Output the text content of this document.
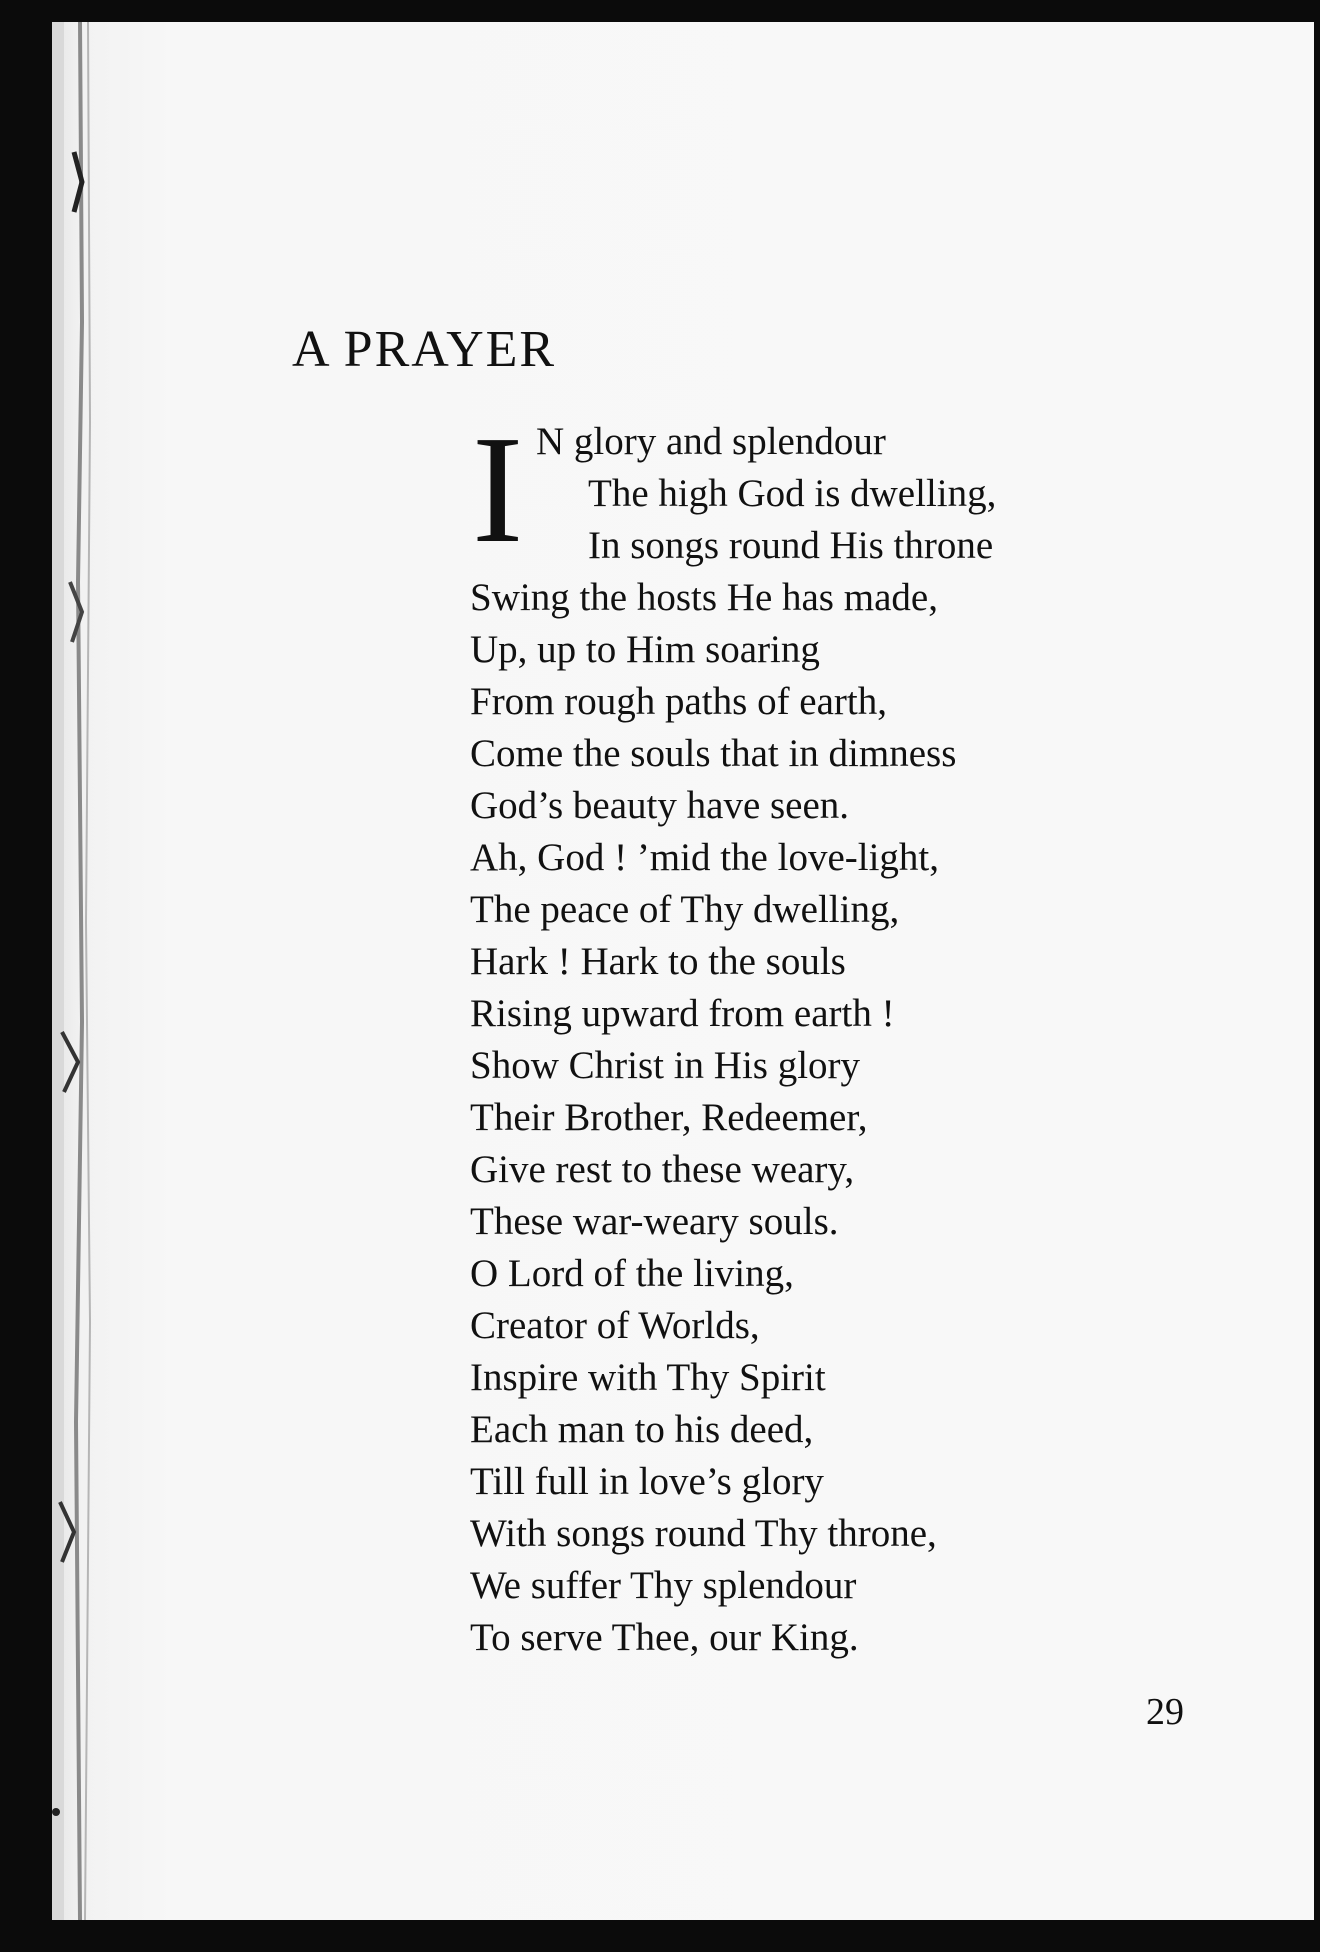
A PRAYER
I N glory and splendour
The high God is dwelling,
In songs round His throne
Swing the hosts He has made,
Up, up to Him soaring
From rough paths of earth,
Come the souls that in dimness
God’s beauty have seen.
Ah, God ! ’mid the love-light,
The peace of Thy dwelling,
Hark ! Hark to the souls
Rising upward from earth !
Show Christ in His glory
Their Brother, Redeemer,
Give rest to these weary,
These war-weary souls.
O Lord of the living,
Creator of Worlds,
Inspire with Thy Spirit
Each man to his deed,
Till full in love’s glory
With songs round Thy throne,
We suffer Thy splendour
To serve Thee, our King.
29
